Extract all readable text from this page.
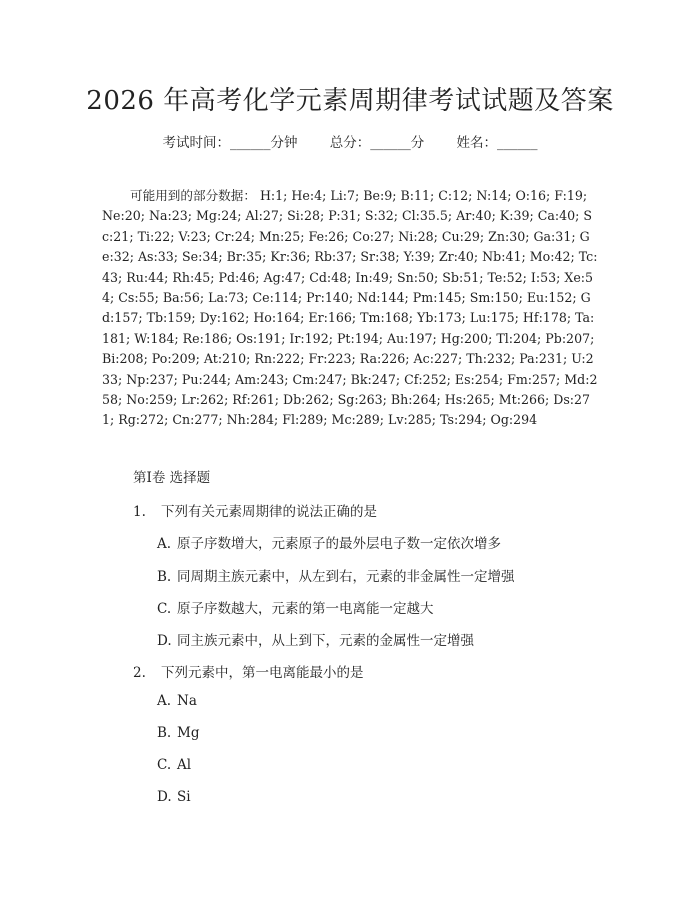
2026 年高考化学元素周期律考试试题及答案
考试时间：______分钟 总分：______分 姓名：______
可能用到的部分数据： H:1; He:4; Li:7; Be:9; B:11; C:12; N:14; O:16; F:19; Ne:20; Na:23; Mg:24; Al:27; Si:28; P:31; S:32; Cl:35.5; Ar:40; K:39; Ca:40; Sc:21; Ti:22; V:23; Cr:24; Mn:25; Fe:26; Co:27; Ni:28; Cu:29; Zn:30; Ga:31; Ge:32; As:33; Se:34; Br:35; Kr:36; Rb:37; Sr:38; Y:39; Zr:40; Nb:41; Mo:42; Tc:43; Ru:44; Rh:45; Pd:46; Ag:47; Cd:48; In:49; Sn:50; Sb:51; Te:52; I:53; Xe:54; Cs:55; Ba:56; La:73; Ce:114; Pr:140; Nd:144; Pm:145; Sm:150; Eu:152; Gd:157; Tb:159; Dy:162; Ho:164; Er:166; Tm:168; Yb:173; Lu:175; Hf:178; Ta:181; W:184; Re:186; Os:191; Ir:192; Pt:194; Au:197; Hg:200; Tl:204; Pb:207; Bi:208; Po:209; At:210; Rn:222; Fr:223; Ra:226; Ac:227; Th:232; Pa:231; U:233; Np:237; Pu:244; Am:243; Cm:247; Bk:247; Cf:252; Es:254; Fm:257; Md:258; No:259; Lr:262; Rf:261; Db:262; Sg:263; Bh:264; Hs:265; Mt:266; Ds:271; Rg:272; Cn:277; Nh:284; Fl:289; Mc:289; Lv:285; Ts:294; Og:294
第Ⅰ卷 选择题
1. 下列有关元素周期律的说法正确的是
A. 原子序数增大，元素原子的最外层电子数一定依次增多
B. 同周期主族元素中，从左到右，元素的非金属性一定增强
C. 原子序数越大，元素的第一电离能一定越大
D. 同主族元素中，从上到下，元素的金属性一定增强
2. 下列元素中，第一电离能最小的是
A. Na
B. Mg
C. Al
D. Si
